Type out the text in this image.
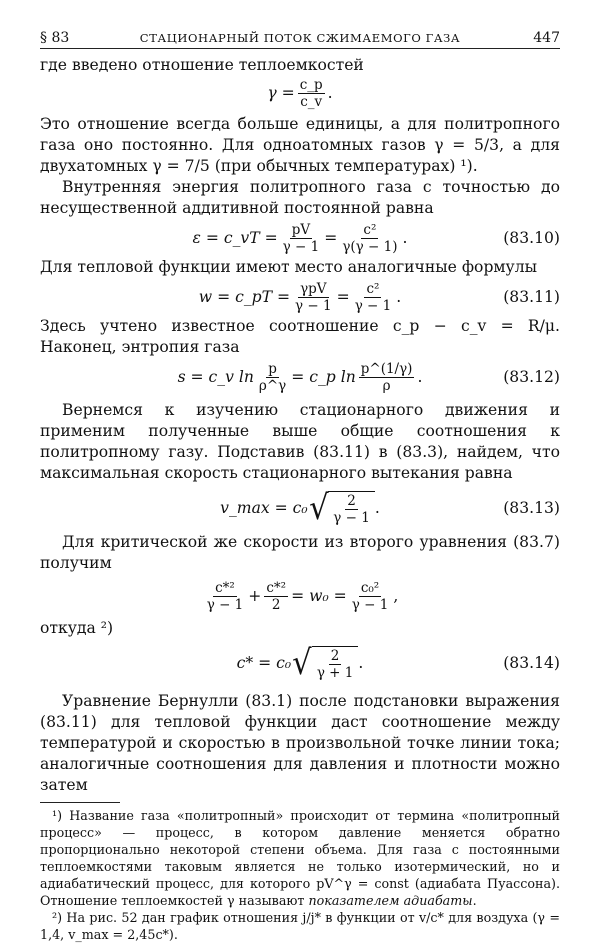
§ 83	СТАЦИОНАРНЫЙ ПОТОК СЖИМАЕМОГО ГАЗА	447

где введено отношение теплоемкостей

$\gamma = \frac{c\_p}{c\_v}$ .

Это отношение всегда больше единицы, а для политропного газа оно постоянно. Для одноатомных газов γ = 5/3, а для двухатомных γ = 7/5 (при обычных температурах) ¹).

Внутренняя энергия политропного газа с точностью до несущественной аддитивной постоянной равна

ε = c_vT = $\frac{pV}{\gamma - 1} = \frac{\text{c²}}{\gamma(\gamma - 1)}$ .	(83.10)

Для тепловой функции имеют место аналогичные формулы

w = c_pT = $\frac{\text{γpV}}{\gamma - 1} = \frac{\text{c²}}{\gamma - 1}$ .	(83.11)

Здесь учтено известное соотношение c_p − c_v = R/μ. Наконец, энтропия газа

s = c_v $\ln \frac{p}{\rho\^{}\gamma}$ = c_p $\ln \frac{p\^{}(1/\gamma)}{\rho}$ .	(83.12)

Вернемся к изучению стационарного движения и применим полученные выше общие соотношения к политропному газу. Подставив (83.11) в (83.3), найдем, что максимальная скорость стационарного вытекания равна

v_max = c₀ √ $\frac{2}{\gamma - 1}$ .	(83.13)

Для критической же скорости из второго уравнения (83.7) получим

$\frac{\text{c*²}}{\gamma - 1} + \frac{\text{c*²}}{2} = w_0 = \frac{\text{c₀²}}{\gamma - 1}$ ,

откуда ²)

c* = c₀ √ $\frac{2}{\gamma + 1}$ .	(83.14)

Уравнение Бернулли (83.1) после подстановки выражения (83.11) для тепловой функции даст соотношение между температурой и скоростью в произвольной точке линии тока; аналогичные соотношения для давления и плотности можно затем

¹) Название газа «политропный» происходит от термина «политропный процесс» — процесс, в котором давление меняется обратно пропорционально некоторой степени объема. Для газа с постоянными теплоемкостями таковым является не только изотермический, но и адиабатический процесс, для которого pV^γ = const (адиабата Пуассона). Отношение теплоемкостей γ называют показателем адиабаты.

²) На рис. 52 дан график отношения j/j* в функции от v/c* для воздуха (γ = 1,4, v_max = 2,45c*).
